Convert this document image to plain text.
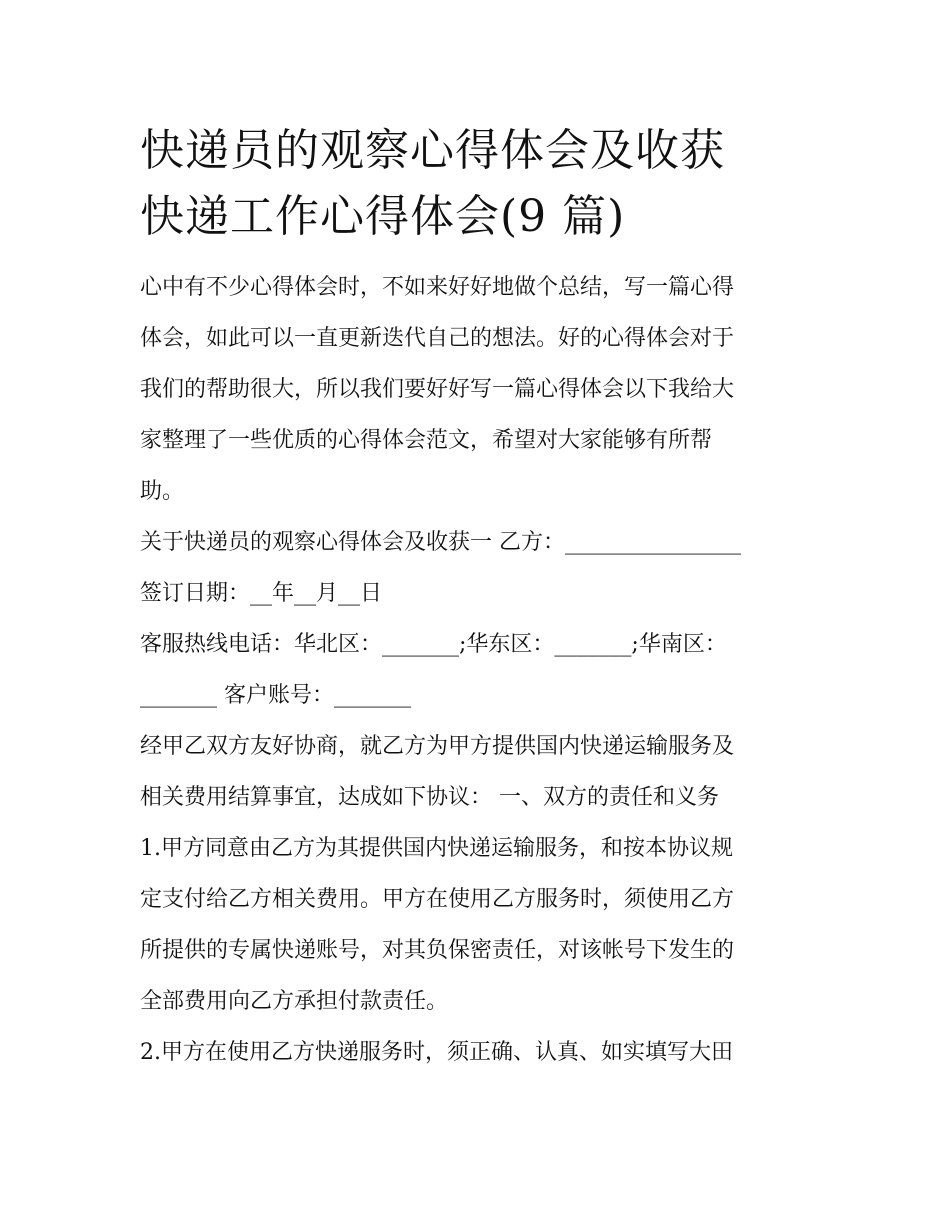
快递员的观察心得体会及收获
快递工作心得体会(9 篇)
心中有不少心得体会时，不如来好好地做个总结，写一篇心得
体会，如此可以一直更新迭代自己的想法。好的心得体会对于
我们的帮助很大，所以我们要好好写一篇心得体会以下我给大
家整理了一些优质的心得体会范文，希望对大家能够有所帮
助。
关于快递员的观察心得体会及收获一 乙方：________________
签订日期：__年__月__日
客服热线电话：华北区：_______;华东区：_______;华南区：
_______ 客户账号：_______
经甲乙双方友好协商，就乙方为甲方提供国内快递运输服务及
相关费用结算事宜，达成如下协议： 一、双方的责任和义务
1.甲方同意由乙方为其提供国内快递运输服务，和按本协议规
定支付给乙方相关费用。甲方在使用乙方服务时，须使用乙方
所提供的专属快递账号，对其负保密责任，对该帐号下发生的
全部费用向乙方承担付款责任。
2.甲方在使用乙方快递服务时，须正确、认真、如实填写大田
